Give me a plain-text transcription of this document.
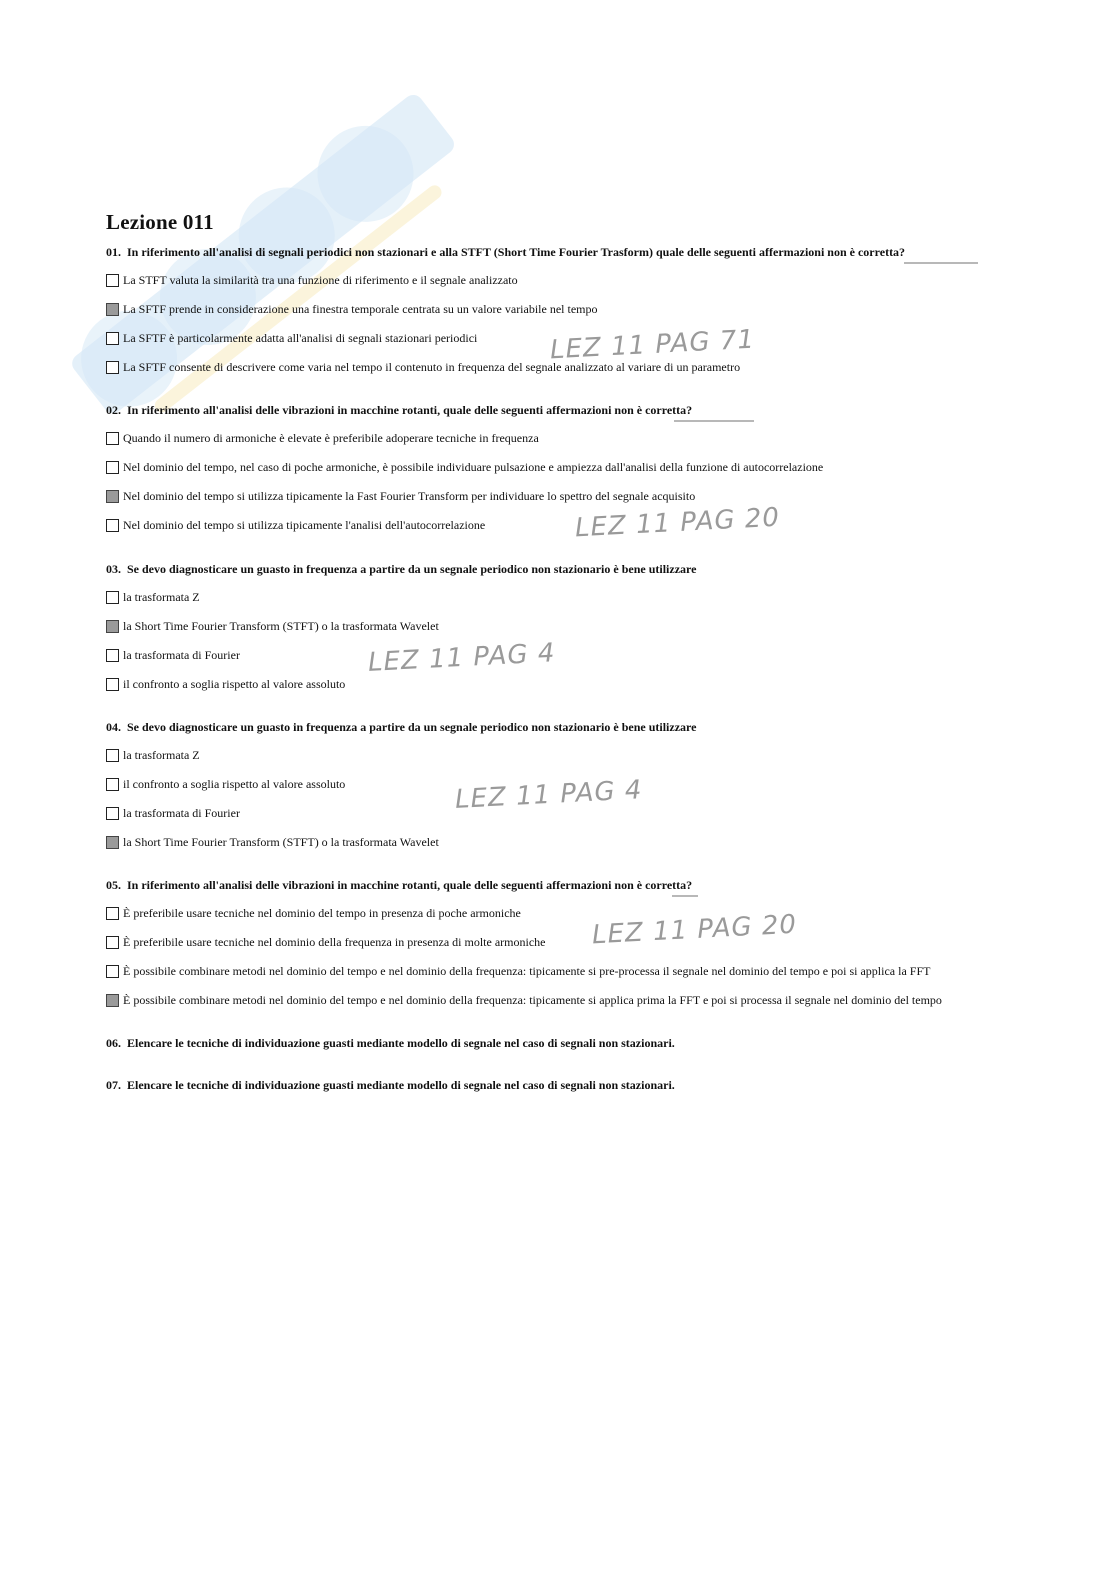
Lezione 011
01. In riferimento all'analisi di segnali periodici non stazionari e alla STFT (Short Time Fourier Trasform) quale delle seguenti affermazioni non è corretta?
La STFT valuta la similarità tra una funzione di riferimento e il segnale analizzato
La SFTF prende in considerazione una finestra temporale centrata su un valore variabile nel tempo
La SFTF è particolarmente adatta all'analisi di segnali stazionari periodici
La SFTF consente di descrivere come varia nel tempo il contenuto in frequenza del segnale analizzato al variare di un parametro
LEZ 11 PAG 71
02. In riferimento all'analisi delle vibrazioni in macchine rotanti, quale delle seguenti affermazioni non è corretta?
Quando il numero di armoniche è elevate è preferibile adoperare tecniche in frequenza
Nel dominio del tempo, nel caso di poche armoniche, è possibile individuare pulsazione e ampiezza dall'analisi della funzione di autocorrelazione
Nel dominio del tempo si utilizza tipicamente la Fast Fourier Transform per individuare lo spettro del segnale acquisito
Nel dominio del tempo si utilizza tipicamente l'analisi dell'autocorrelazione	LEZ 11 PAG 20
03. Se devo diagnosticare un guasto in frequenza a partire da un segnale periodico non stazionario è bene utilizzare
la trasformata Z
la Short Time Fourier Transform (STFT) o la trasformata Wavelet
la trasformata di Fourier
il confronto a soglia rispetto al valore assoluto
LEZ 11 PAG 4
04. Se devo diagnosticare un guasto in frequenza a partire da un segnale periodico non stazionario è bene utilizzare
la trasformata Z
il confronto a soglia rispetto al valore assoluto
la trasformata di Fourier
la Short Time Fourier Transform (STFT) o la trasformata Wavelet
LEZ 11 PAG 4
05. In riferimento all'analisi delle vibrazioni in macchine rotanti, quale delle seguenti affermazioni non è corretta?
È preferibile usare tecniche nel dominio del tempo in presenza di poche armoniche
È preferibile usare tecniche nel dominio della frequenza in presenza di molte armoniche
È possibile combinare metodi nel dominio del tempo e nel dominio della frequenza: tipicamente si pre-processa il segnale nel dominio del tempo e poi si applica la FFT
È possibile combinare metodi nel dominio del tempo e nel dominio della frequenza: tipicamente si applica prima la FFT e poi si processa il segnale nel dominio del tempo
LEZ 11 PAG 20
06. Elencare le tecniche di individuazione guasti mediante modello di segnale nel caso di segnali non stazionari.
07. Elencare le tecniche di individuazione guasti mediante modello di segnale nel caso di segnali non stazionari.
